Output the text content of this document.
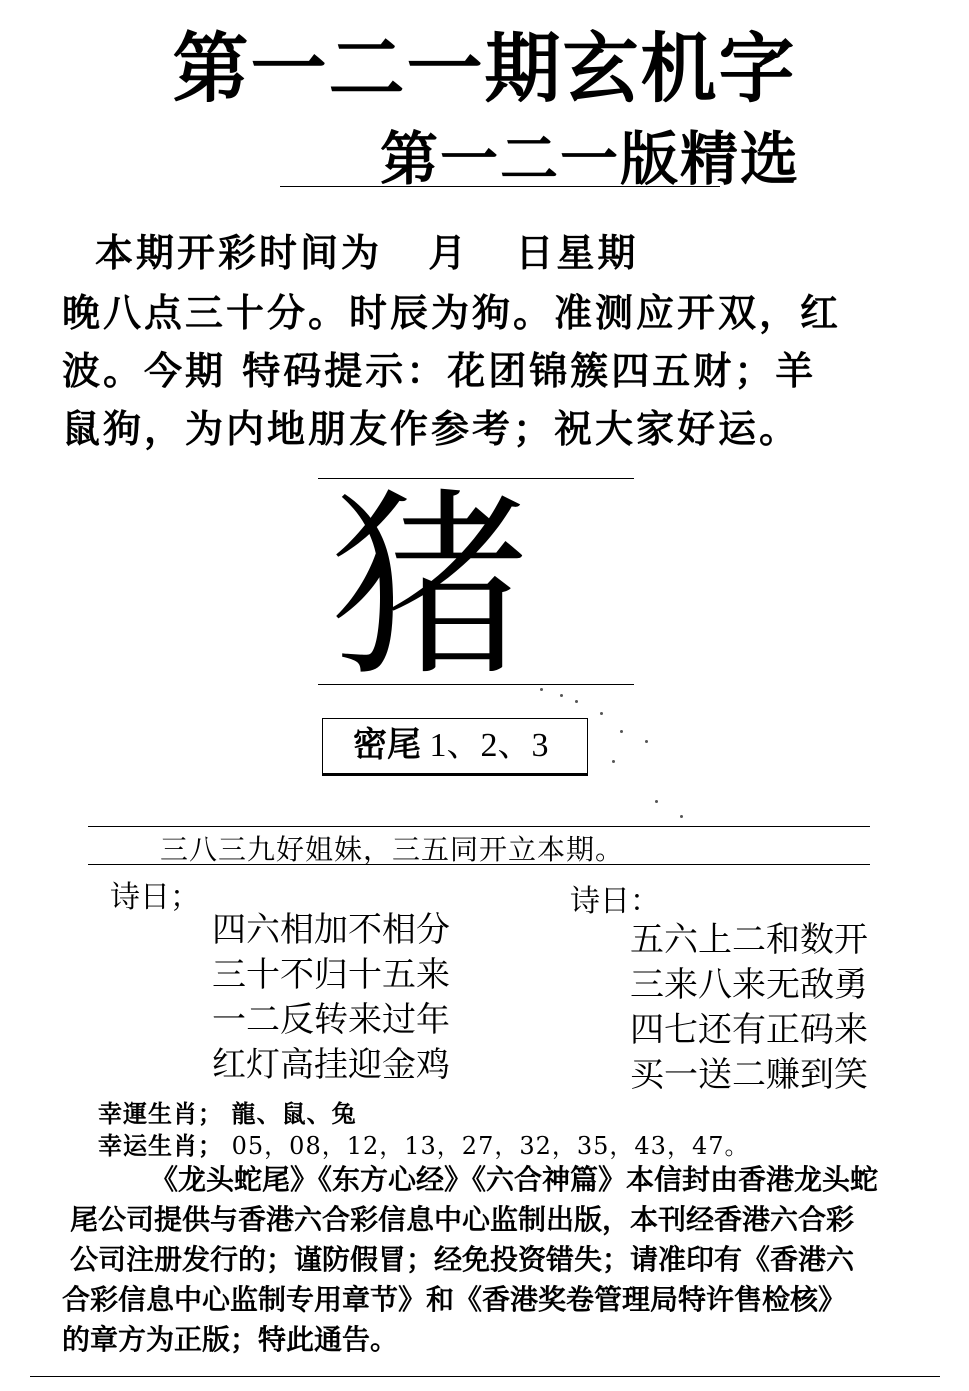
第一二一期玄机字
第一二一版精选
本期开彩时间为 月 日星期
晚八点三十分。时辰为狗。准测应开双，红
波。今期 特码提示：花团锦簇四五财；羊
鼠狗，为内地朋友作参考；祝大家好运。
猪
密尾 1、2、3
三八三九好姐妹，三五同开立本期。
诗日；
四六相加不相分
三十不归十五来
一二反转来过年
红灯高挂迎金鸡
诗日：
五六上二和数开
三来八来无敌勇
四七还有正码来
买一送二赚到笑
幸運生肖； 龍、鼠、兔
幸运生肖； 05，08，12，13，27，32，35，43，47。
《龙头蛇尾》《东方心经》《六合神篇》本信封由香港龙头蛇
尾公司提供与香港六合彩信息中心监制出版，本刊经香港六合彩
公司注册发行的；谨防假冒；经免投资错失；请准印有《香港六
合彩信息中心监制专用章节》和《香港奖卷管理局特许售检核》
的章方为正版；特此通告。
